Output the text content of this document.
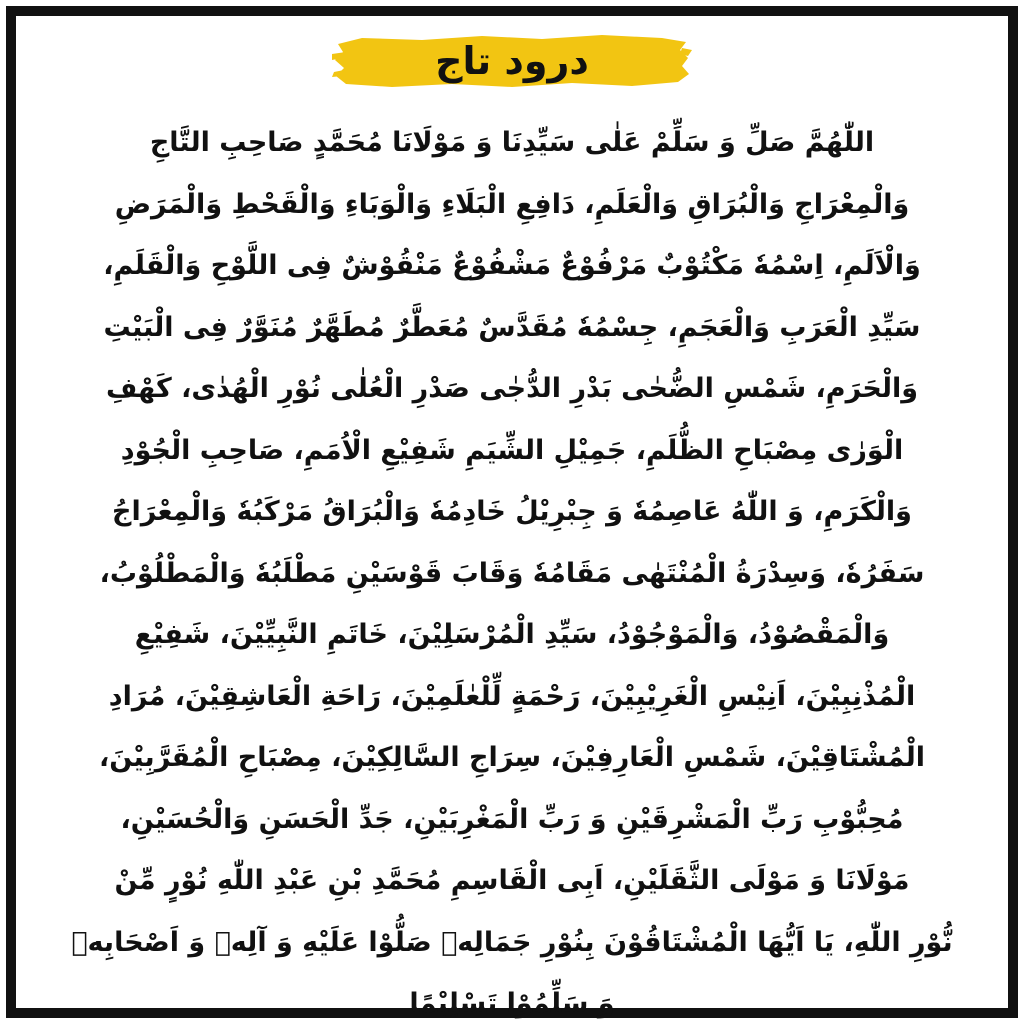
درود تاج
اللّٰهُمَّ صَلِّ وَ سَلِّمْ عَلٰی سَیِّدِنَا وَ مَوْلَانَا مُحَمَّدٍ صَاحِبِ التَّاجِ
وَالْمِعْرَاجِ وَالْبُرَاقِ وَالْعَلَمِ، دَافِعِ الْبَلَاءِ وَالْوَبَاءِ وَالْقَحْطِ وَالْمَرَضِ
وَالْاَلَمِ، اِسْمُهٗ مَكْتُوْبٌ مَرْفُوْعٌ مَشْفُوْعٌ مَنْقُوْشٌ فِی اللَّوْحِ وَالْقَلَمِ،
سَیِّدِ الْعَرَبِ وَالْعَجَمِ، جِسْمُهٗ مُقَدَّسٌ مُعَطَّرٌ مُطَهَّرٌ مُنَوَّرٌ فِی الْبَیْتِ
وَالْحَرَمِ، شَمْسِ الضُّحٰی بَدْرِ الدُّجٰی صَدْرِ الْعُلٰی نُوْرِ الْهُدٰی، كَهْفِ
الْوَرٰی مِصْبَاحِ الظُّلَمِ، جَمِیْلِ الشِّیَمِ شَفِیْعِ الْاُمَمِ، صَاحِبِ الْجُوْدِ
وَالْكَرَمِ، وَ اللّٰهُ عَاصِمُهٗ وَ جِبْرِیْلُ خَادِمُهٗ وَالْبُرَاقُ مَرْكَبُهٗ وَالْمِعْرَاجُ
سَفَرُهٗ، وَسِدْرَةُ الْمُنْتَهٰی مَقَامُهٗ وَقَابَ قَوْسَیْنِ مَطْلَبُهٗ وَالْمَطْلُوْبُ،
وَالْمَقْصُوْدُ، وَالْمَوْجُوْدُ، سَیِّدِ الْمُرْسَلِیْنَ، خَاتَمِ النَّبِیِّیْنَ، شَفِیْعِ
الْمُذْنِبِیْنَ، اَنِیْسِ الْغَرِیْبِیْنَ، رَحْمَةٍ لِّلْعٰلَمِیْنَ، رَاحَةِ الْعَاشِقِیْنَ، مُرَادِ
الْمُشْتَاقِیْنَ، شَمْسِ الْعَارِفِیْنَ، سِرَاجِ السَّالِكِیْنَ، مِصْبَاحِ الْمُقَرَّبِیْنَ،
مُحِبُّوْبِ رَبِّ الْمَشْرِقَیْنِ وَ رَبِّ الْمَغْرِبَیْنِ، جَدِّ الْحَسَنِ وَالْحُسَیْنِ،
مَوْلَانَا وَ مَوْلَی الثَّقَلَیْنِ، اَبِی الْقَاسِمِ مُحَمَّدِ بْنِ عَبْدِ اللّٰهِ نُوْرٍ مِّنْ
نُّوْرِ اللّٰهِ، یَا اَیُّهَا الْمُشْتَاقُوْنَ بِنُوْرِ جَمَالِهٖ صَلُّوْا عَلَیْهِ وَ آلِهٖ وَ اَصْحَابِهٖ
وَ سَلِّمُوْا تَسْلِیْمًا
